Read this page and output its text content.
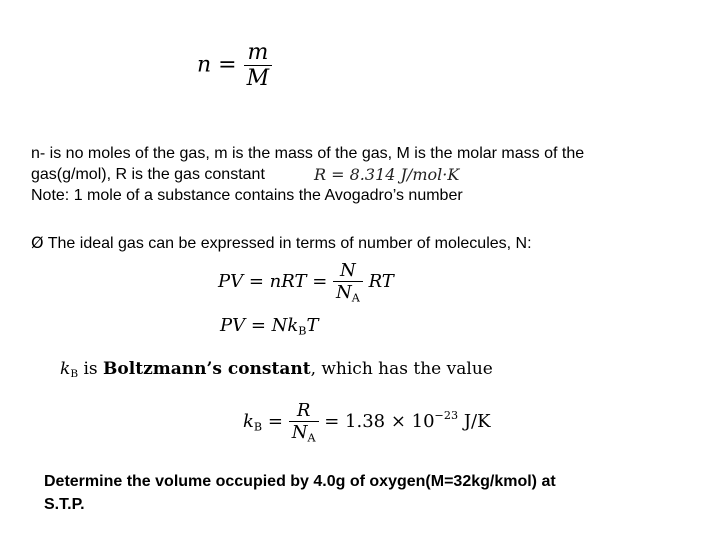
$n = \frac{m}{M}$
n- is no moles of the gas, m is the mass of the gas, M is the molar mass of the
gas(g/mol), R is the gas constant	R = 8.314 J/mol·K
Note: 1 mole of a substance contains the Avogadro’s number
Ø The ideal gas can be expressed in terms of number of molecules, N:
PV = nRT = $\frac{N}{N_A}$ RT
PV = $Nk_BT$
$k_B$ is Boltzmann’s constant, which has the value
$k_B = \frac{R}{N_A} = 1.38 \times 10^{-23}$ J/K
Determine the volume occupied by 4.0g of oxygen(M=32kg/kmol) at
S.T.P.
